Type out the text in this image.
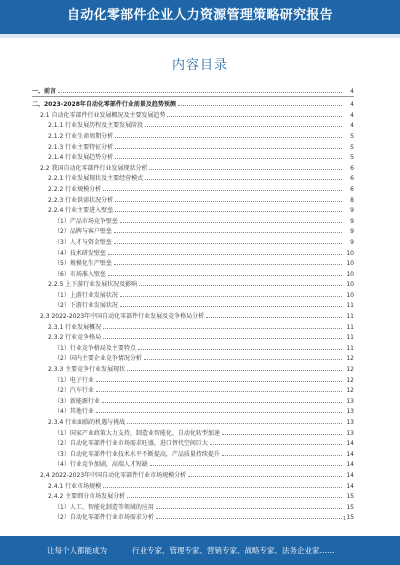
自动化零部件企业人力资源管理策略研究报告
内容目录
一、前言	4
二、2023-2028年自动化零部件行业前景及趋势预测	4
2.1 自动化零部件行业发展概况及主要发展趋势	4
2.1.1 行业发展历程及主要发展阶段	4
2.1.2 行业生命周期分析	5
2.1.3 行业主要特征分析	5
2.1.4 行业发展趋势分析	5
2.2 我国自动化零部件行业发展现状分析	6
2.2.1 行业发展现状及主要经营模式	6
2.2.2 行业规模分析	6
2.2.3 行业供需状况分析	8
2.2.4 行业主要进入壁垒	9
（1）产品市场竞争壁垒	9
（2）品牌与客户壁垒	9
（3）人才与资金壁垒	9
（4）技术研发壁垒	10
（5）规模化生产壁垒	10
（6）市场准入壁垒	10
2.2.5 上下游行业发展状况及影响	10
（1）上游行业发展状况	10
（2）下游行业发展状况	11
2.3 2022-2023年中国自动化零部件行业发展及竞争格局分析	11
2.3.1 行业发展概况	11
2.3.2 行业竞争格局	11
（1）行业竞争格局及主要特点	11
（2）国内主要企业竞争情况分析	12
2.3.3 主要竞争行业发展现状	12
（1）电子行业	12
（2）汽车行业	12
（3）新能源行业	13
（4）其他行业	13
2.3.4 行业面临的机遇与挑战	13
（1）国家产业政策大力支持，制造业智能化、自动化转型加速	13
（2）自动化零部件行业市场需求旺盛，进口替代空间巨大	14
（3）自动化零部件行业技术水平不断提高，产品质量持续提升	14
（4）行业竞争加剧，高端人才短缺	14
2.4 2022-2023年中国自动化零部件行业市场规模分析	14
2.4.1 行业市场规模	14
2.4.2 主要细分市场发展分析	15
（1）人工、智能化制造等领域的应用	15
（2）自动化零部件行业市场需求分析	15
1
让每个人都能成为	行业专家、管理专家、营销专家、战略专家、法务企业家……
